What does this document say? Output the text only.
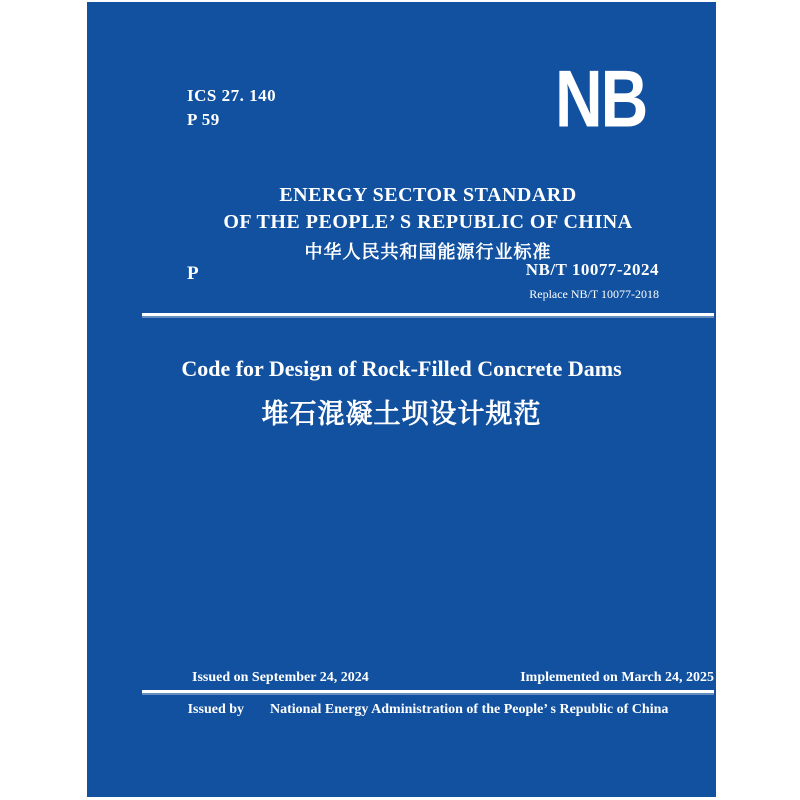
ICS 27. 140
P 59	NB
ENERGY SECTOR STANDARD
OF THE PEOPLE’ S REPUBLIC OF CHINA
中华人民共和国能源行业标准
P	NB/T 10077-2024
Replace NB/T 10077-2018
Code for Design of Rock-Filled Concrete Dams
堆石混凝土坝设计规范
Issued on September 24, 2024	Implemented on March 24, 2025
Issued by National Energy Administration of the People’ s Republic of China
